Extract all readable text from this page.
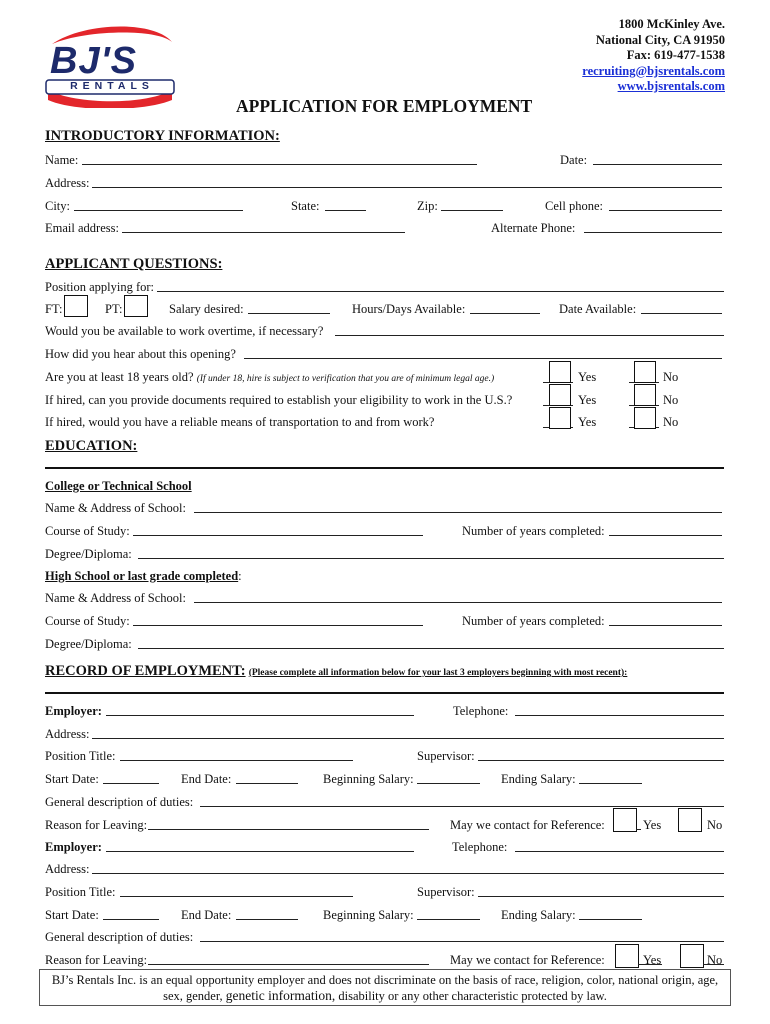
BJ'S
RENTALS
1800 McKinley Ave.
National City, CA 91950
Fax: 619-477-1538
recruiting@bjsrentals.com
www.bjsrentals.com
APPLICATION FOR EMPLOYMENT
INTRODUCTORY INFORMATION:
Name:	Date:
Address:
City:	State:	Zip:	Cell phone:
Email address:	Alternate Phone:
APPLICANT QUESTIONS:
Position applying for:
FT:	PT:	Salary desired:	Hours/Days Available:	Date Available:
Would you be available to work overtime, if necessary?
How did you hear about this opening?
Are you at least 18 years old? (If under 18, hire is subject to verification that you are of minimum legal age.)	Yes	No
If hired, can you provide documents required to establish your eligibility to work in the U.S.?	Yes	No
If hired, would you have a reliable means of transportation to and from work?	Yes	No
EDUCATION:
College or Technical School
Name & Address of School:
Course of Study:	Number of years completed:
Degree/Diploma:
High School or last grade completed:
Name & Address of School:
Course of Study:	Number of years completed:
Degree/Diploma:
RECORD OF EMPLOYMENT: (Please complete all information below for your last 3 employers beginning with most recent):
Employer:	Telephone:
Address:
Position Title:	Supervisor:
Start Date:	End Date:	Beginning Salary:	Ending Salary:
General description of duties:
Reason for Leaving:	May we contact for Reference:	Yes	No
Employer:	Telephone:
Address:
Position Title:	Supervisor:
Start Date:	End Date:	Beginning Salary:	Ending Salary:
General description of duties:
Reason for Leaving:	May we contact for Reference:	Yes	No
BJ’s Rentals Inc. is an equal opportunity employer and does not discriminate on the basis of race, religion, color, national origin, age,
sex, gender, genetic information, disability or any other characteristic protected by law.
